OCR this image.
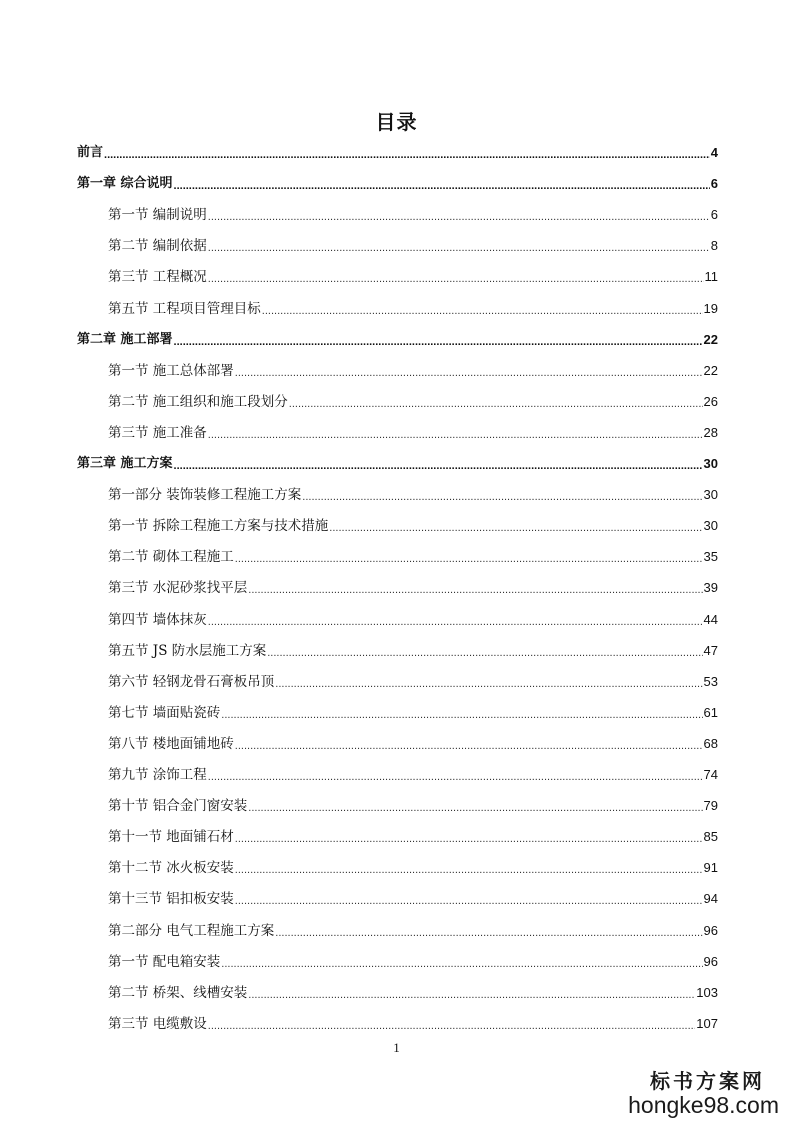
目录
前言 .....	4
第一章 综合说明 .....	6
第一节 编制说明 .....	6
第二节 编制依据 .....	8
第三节 工程概况 .....	11
第五节 工程项目管理目标 .....	19
第二章 施工部署 .....	22
第一节 施工总体部署 .....	22
第二节 施工组织和施工段划分 .....	26
第三节 施工准备 .....	28
第三章 施工方案 .....	30
第一部分 装饰装修工程施工方案 .....	30
第一节 拆除工程施工方案与技术措施 .....	30
第二节 砌体工程施工 .....	35
第三节 水泥砂浆找平层 .....	39
第四节 墙体抹灰 .....	44
第五节 JS 防水层施工方案 .....	47
第六节 轻钢龙骨石膏板吊顶 .....	53
第七节 墙面贴瓷砖 .....	61
第八节 楼地面铺地砖 .....	68
第九节 涂饰工程 .....	74
第十节 铝合金门窗安装 .....	79
第十一节 地面铺石材 .....	85
第十二节 冰火板安装 .....	91
第十三节 铝扣板安装 .....	94
第二部分 电气工程施工方案 .....	96
第一节 配电箱安装 .....	96
第二节 桥架、线槽安装 .....	103
第三节 电缆敷设 .....	107
1
标书方案网
hongke98.com
